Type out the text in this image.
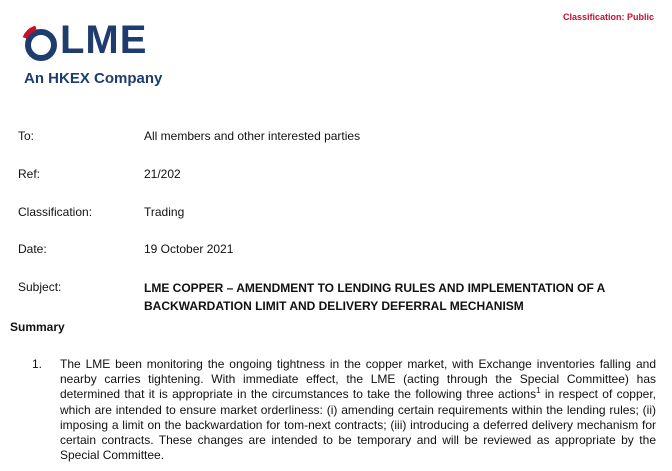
Classification: Public
LME
An HKEX Company
To:	All members and other interested parties
Ref:	21/202
Classification:	Trading
Date:	19 October 2021
Subject:	LME COPPER – AMENDMENT TO LENDING RULES AND IMPLEMENTATION OF A BACKWARDATION LIMIT AND DELIVERY DEFERRAL MECHANISM
Summary
1. The LME been monitoring the ongoing tightness in the copper market, with Exchange inventories falling and nearby carries tightening. With immediate effect, the LME (acting through the Special Committee) has determined that it is appropriate in the circumstances to take the following three actions$^1$ in respect of copper, which are intended to ensure market orderliness: (i) amending certain requirements within the lending rules; (ii) imposing a limit on the backwardation for tom-next contracts; (iii) introducing a deferred delivery mechanism for certain contracts. These changes are intended to be temporary and will be reviewed as appropriate by the Special Committee.
